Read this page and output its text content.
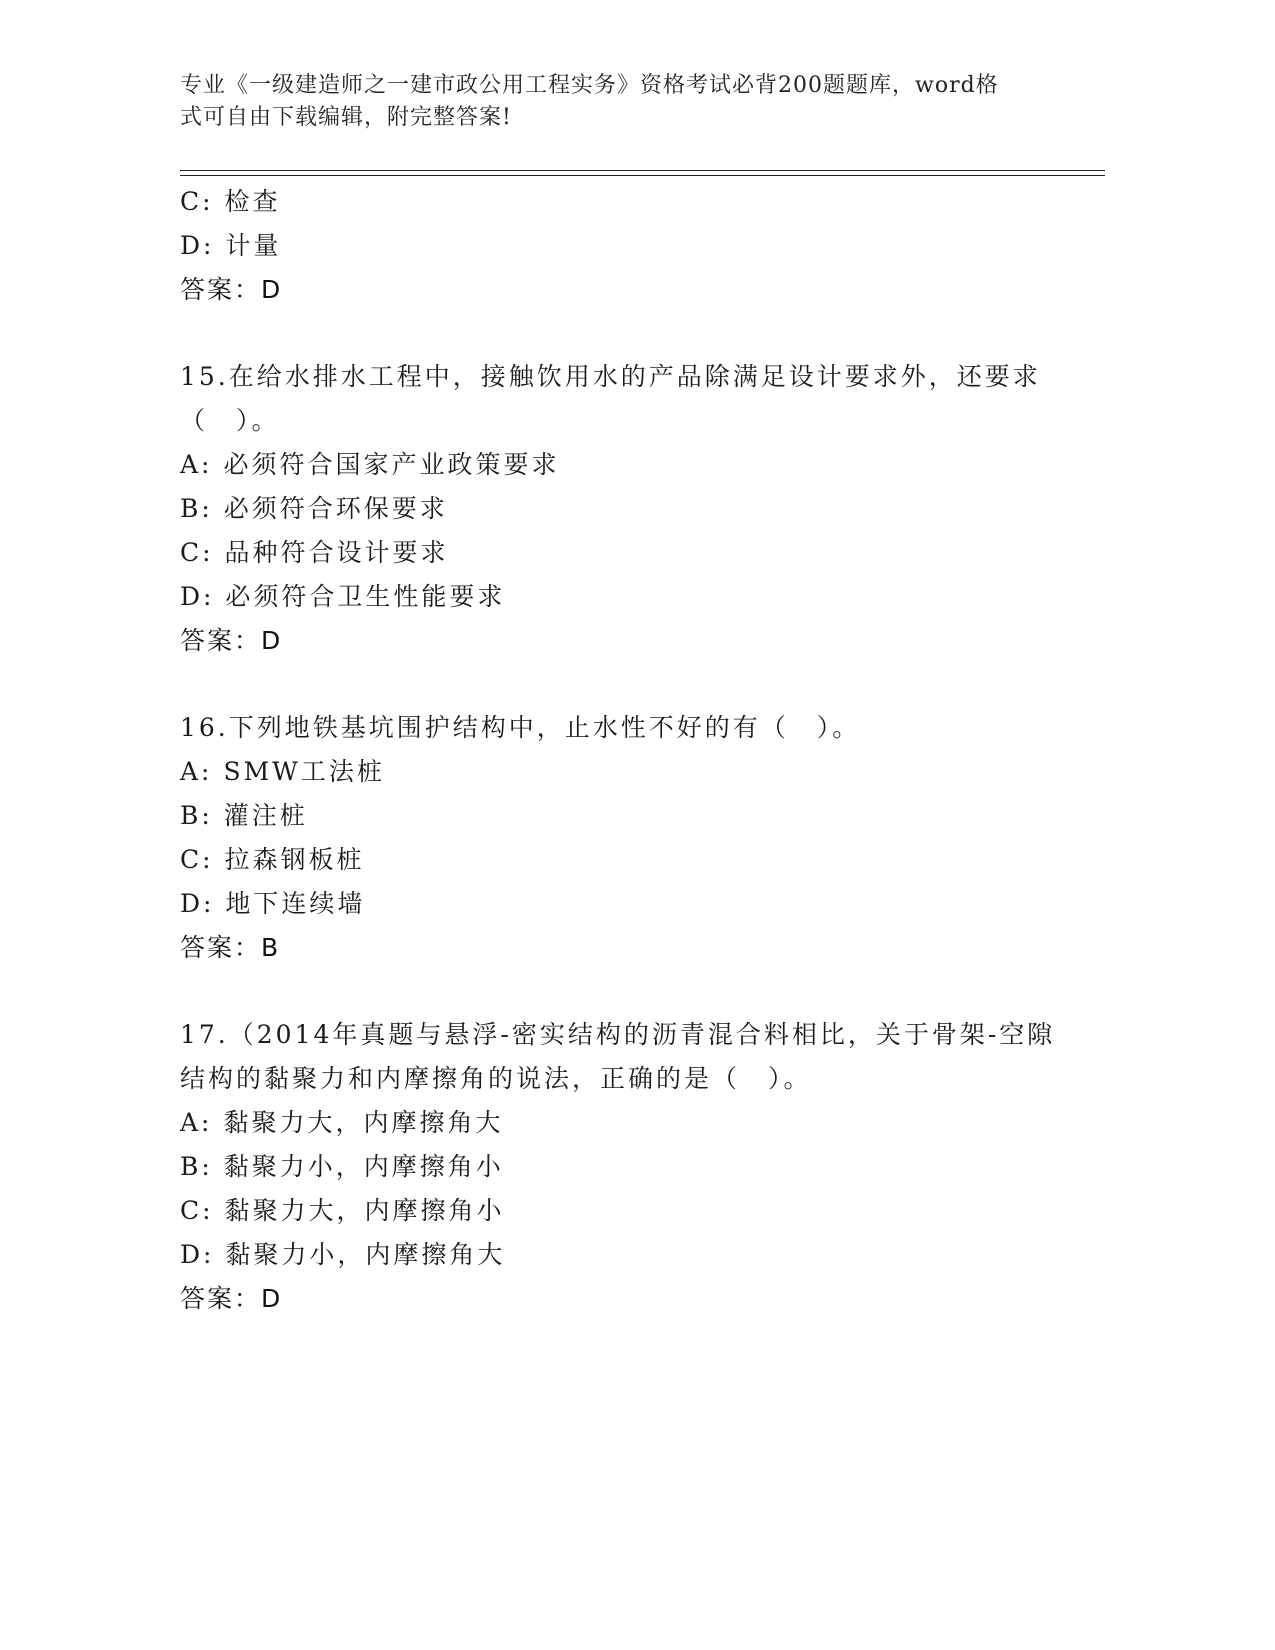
专业《一级建造师之一建市政公用工程实务》资格考试必背200题题库，word格
式可自由下载编辑，附完整答案!
C: 检查
D: 计量
答案：D
15.在给水排水工程中，接触饮用水的产品除满足设计要求外，还要求
（　）。
A: 必须符合国家产业政策要求
B: 必须符合环保要求
C: 品种符合设计要求
D: 必须符合卫生性能要求
答案：D
16.下列地铁基坑围护结构中，止水性不好的有（　）。
A: SMW工法桩
B: 灌注桩
C: 拉森钢板桩
D: 地下连续墙
答案：B
17.（2014年真题与悬浮-密实结构的沥青混合料相比，关于骨架-空隙
结构的黏聚力和内摩擦角的说法，正确的是（　）。
A: 黏聚力大，内摩擦角大
B: 黏聚力小，内摩擦角小
C: 黏聚力大，内摩擦角小
D: 黏聚力小，内摩擦角大
答案：D
